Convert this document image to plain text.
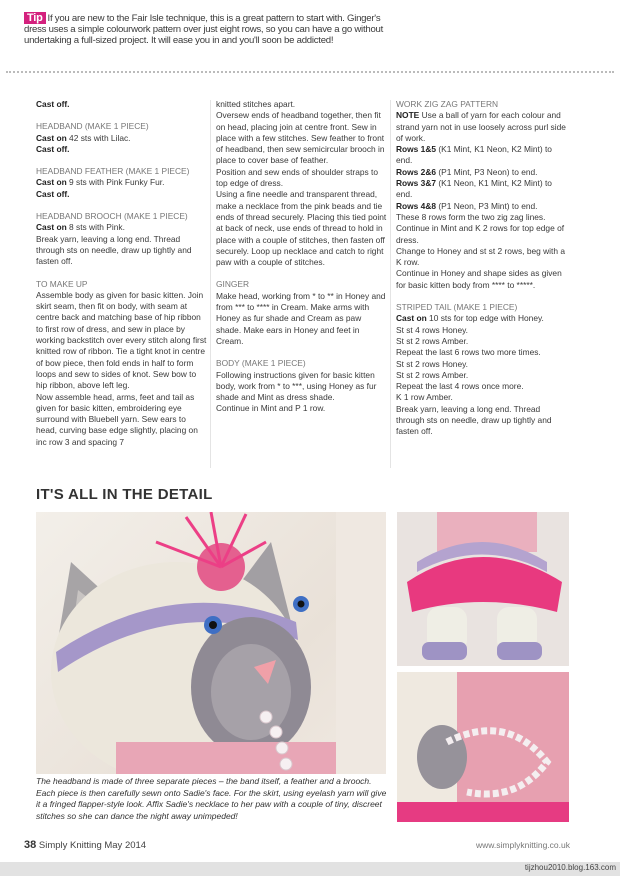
Tip If you are new to the Fair Isle technique, this is a great pattern to start with. Ginger's dress uses a simple colourwork pattern over just eight rows, so you can have a go without undertaking a full-sized project. It will ease you in and you'll soon be addicted!
Cast off.
HEADBAND (MAKE 1 PIECE)
Cast on 42 sts with Lilac.
Cast off.
HEADBAND FEATHER (MAKE 1 PIECE)
Cast on 9 sts with Pink Funky Fur.
Cast off.
HEADBAND BROOCH (MAKE 1 PIECE)
Cast on 8 sts with Pink.
Break yarn, leaving a long end. Thread through sts on needle, draw up tightly and fasten off.
TO MAKE UP
Assemble body as given for basic kitten. Join skirt seam, then fit on body, with seam at centre back and matching base of hip ribbon to first row of dress, and sew in place by working backstitch over every stitch along first knitted row of ribbon. Tie a tight knot in centre of bow piece, then fold ends in half to form loops and sew to sides of knot. Sew bow to hip ribbon, above left leg.
Now assemble head, arms, feet and tail as given for basic kitten, embroidering eye surround with Bluebell yarn. Sew ears to head, curving base edge slightly, placing on inc row 3 and spacing 7
knitted stitches apart.
Oversew ends of headband together, then fit on head, placing join at centre front. Sew in place with a few stitches. Sew feather to front of headband, then sew semicircular brooch in place to cover base of feather.
Position and sew ends of shoulder straps to top edge of dress.
Using a fine needle and transparent thread, make a necklace from the pink beads and tie ends of thread securely. Placing this tied point at back of neck, use ends of thread to hold in place with a couple of stitches, then fasten off securely. Loop up necklace and catch to right paw with a couple of stitches.
GINGER
Make head, working from * to ** in Honey and from *** to **** in Cream. Make arms with Honey as fur shade and Cream as paw shade. Make ears in Honey and feet in Cream.
BODY (MAKE 1 PIECE)
Following instructions given for basic kitten body, work from * to ***, using Honey as fur shade and Mint as dress shade.
Continue in Mint and P 1 row.
WORK ZIG ZAG PATTERN
NOTE Use a ball of yarn for each colour and strand yarn not in use loosely across purl side of work.
Rows 1&5 (K1 Mint, K1 Neon, K2 Mint) to end.
Rows 2&6 (P1 Mint, P3 Neon) to end.
Rows 3&7 (K1 Neon, K1 Mint, K2 Mint) to end.
Rows 4&8 (P1 Neon, P3 Mint) to end.
These 8 rows form the two zig zag lines.
Continue in Mint and K 2 rows for top edge of dress.
Change to Honey and st st 2 rows, beg with a K row.
Continue in Honey and shape sides as given for basic kitten body from **** to *****.
STRIPED TAIL (MAKE 1 PIECE)
Cast on 10 sts for top edge with Honey.
St st 4 rows Honey.
St st 2 rows Amber.
Repeat the last 6 rows two more times.
St st 2 rows Honey.
St st 2 rows Amber.
Repeat the last 4 rows once more.
K 1 row Amber.
Break yarn, leaving a long end. Thread through sts on needle, draw up tightly and fasten off.
IT'S ALL IN THE DETAIL
The headband is made of three separate pieces – the band itself, a feather and a brooch. Each piece is then carefully sewn onto Sadie's face. For the skirt, using eyelash yarn will give it a fringed flapper-style look. Affix Sadie's necklace to her paw with a couple of tiny, discreet stitches so she can dance the night away unimpeded!
38 Simply Knitting May 2014	www.simplyknitting.co.uk
tijzhou2010.blog.163.com
